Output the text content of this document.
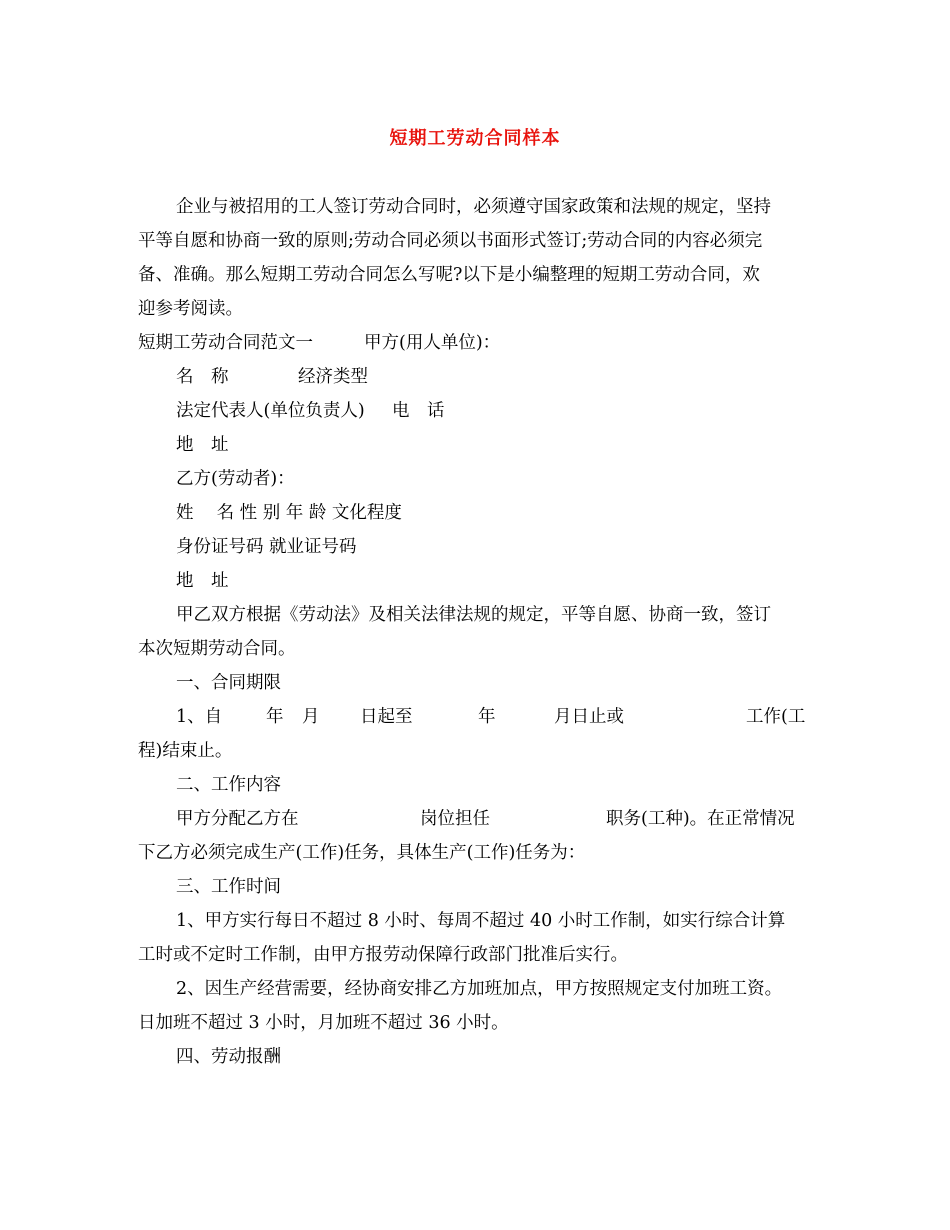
短期工劳动合同样本
企业与被招用的工人签订劳动合同时，必须遵守国家政策和法规的规定，坚持
平等自愿和协商一致的原则;劳动合同必须以书面形式签订;劳动合同的内容必须完
备、准确。那么短期工劳动合同怎么写呢?以下是小编整理的短期工劳动合同，欢
迎参考阅读。
短期工劳动合同范文一	甲方(用人单位)：
名　称	经济类型
法定代表人(单位负责人) 电　话
地　址
乙方(劳动者)：
姓　 名 性 别 年 龄 文化程度
身份证号码 就业证号码
地　址
甲乙双方根据《劳动法》及相关法律法规的规定，平等自愿、协商一致，签订
本次短期劳动合同。
一、合同期限

1、自

	年

月

日起至

	年

	月日止或

	工作(工

程)结束止。
二、工作内容

甲方分配乙方在

	岗位担任

	职务(工种)。在正常情况

下乙方必须完成生产(工作)任务，具体生产(工作)任务为：
三、工作时间
1、甲方实行每日不超过 8 小时、每周不超过 40 小时工作制，如实行综合计算
工时或不定时工作制，由甲方报劳动保障行政部门批准后实行。
2、因生产经营需要，经协商安排乙方加班加点，甲方按照规定支付加班工资。
日加班不超过 3 小时，月加班不超过 36 小时。
四、劳动报酬
